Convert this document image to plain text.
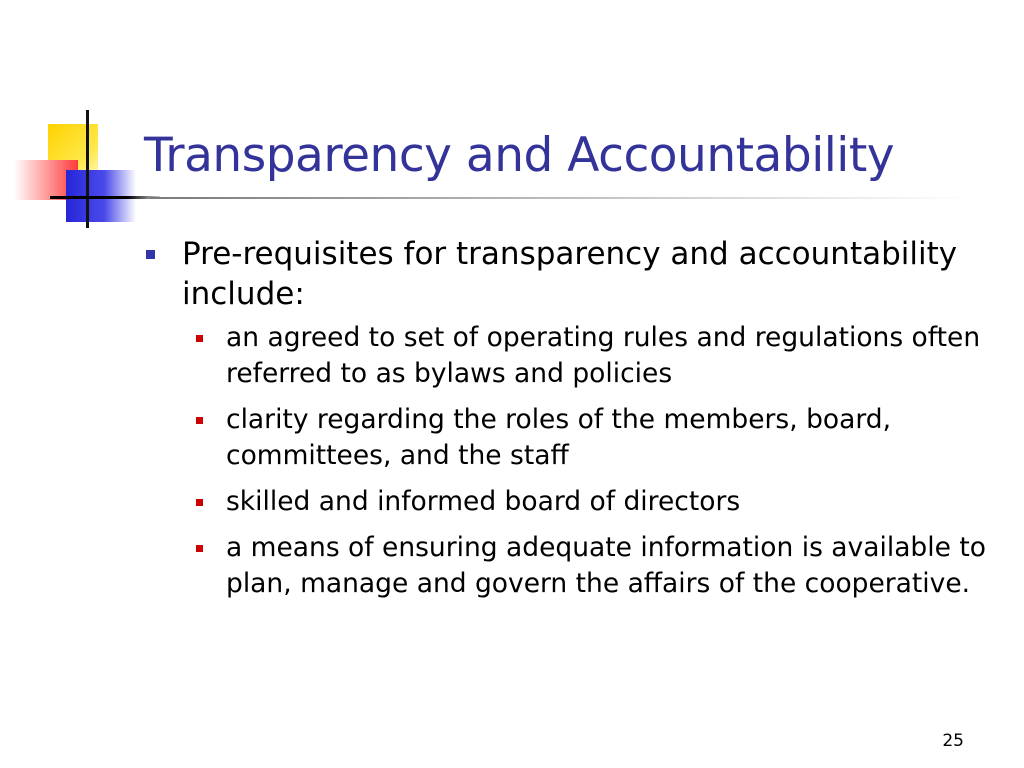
Transparency and Accountability
Pre-requisites for transparency and accountability include:
an agreed to set of operating rules and regulations often referred to as bylaws and policies
clarity regarding the roles of the members, board, committees, and the staff
skilled and informed board of directors
a means of ensuring adequate information is available to plan, manage and govern the affairs of the cooperative.
25
